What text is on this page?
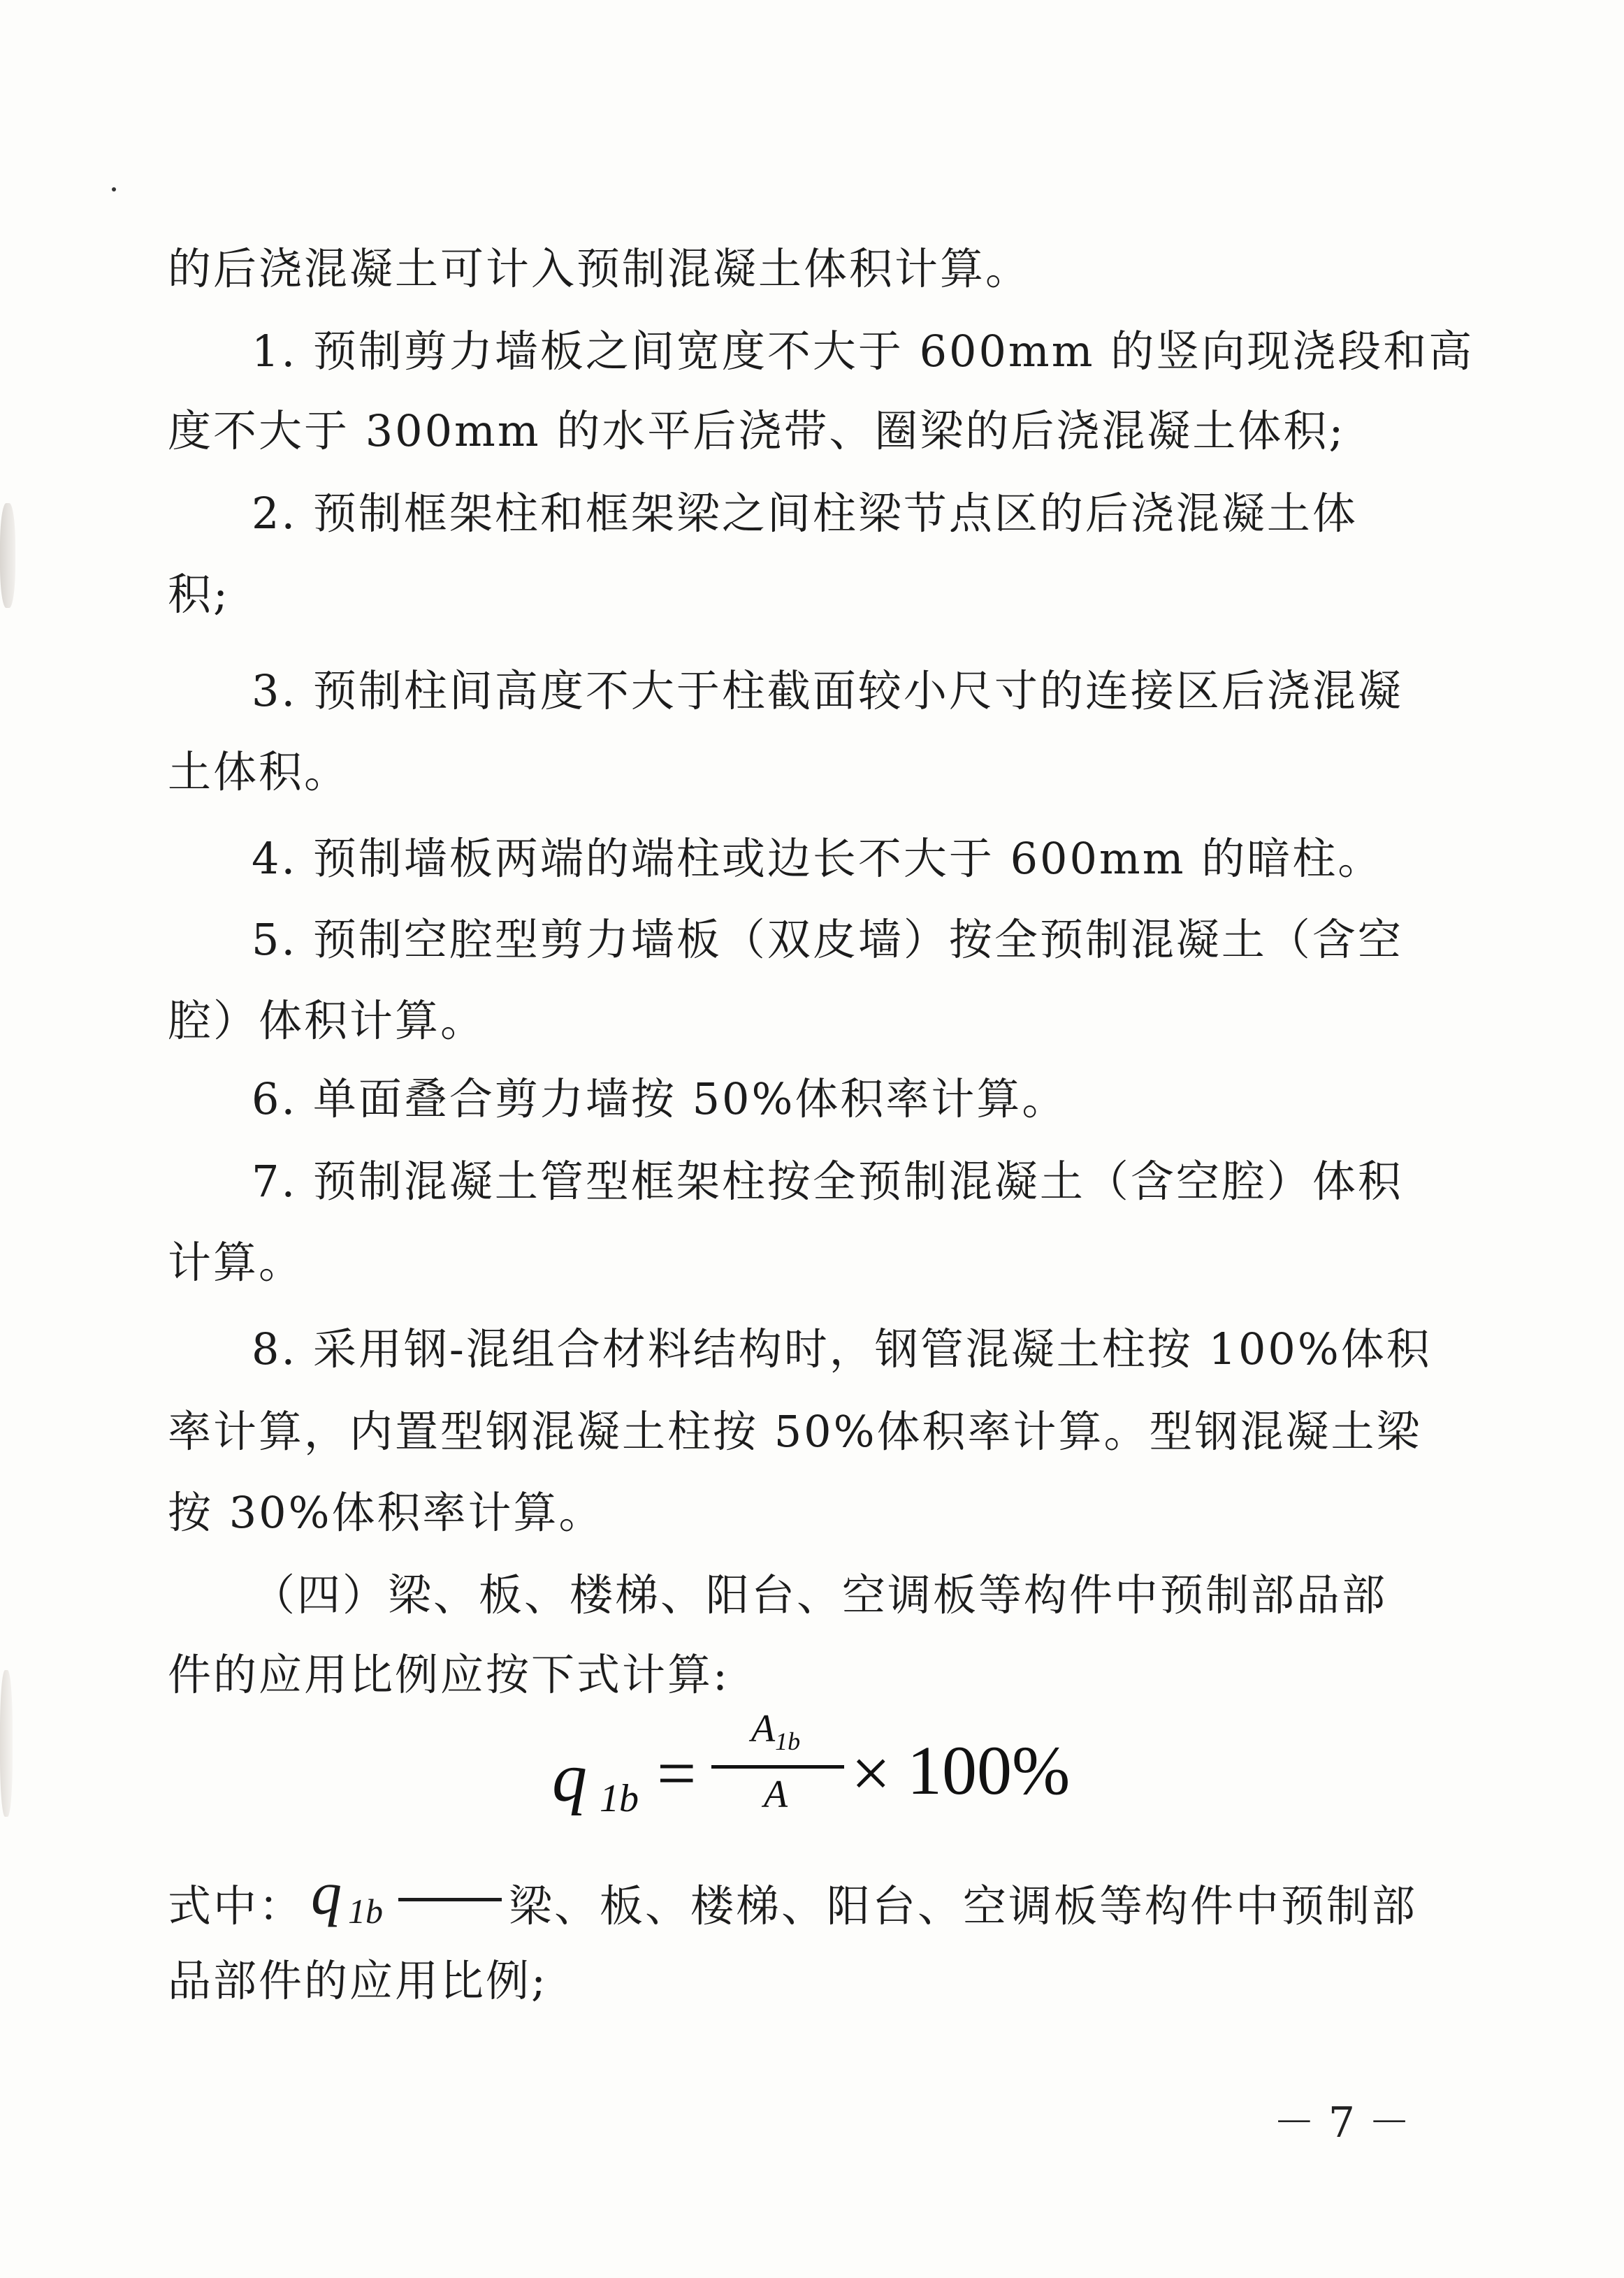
的后浇混凝土可计入预制混凝土体积计算。
1. 预制剪力墙板之间宽度不大于 600mm 的竖向现浇段和高
度不大于 300mm 的水平后浇带、圈梁的后浇混凝土体积;
2. 预制框架柱和框架梁之间柱梁节点区的后浇混凝土体
积;
3. 预制柱间高度不大于柱截面较小尺寸的连接区后浇混凝
土体积。
4. 预制墙板两端的端柱或边长不大于 600mm 的暗柱。
5. 预制空腔型剪力墙板（双皮墙）按全预制混凝土（含空
腔）体积计算。
6. 单面叠合剪力墙按 50%体积率计算。
7. 预制混凝土管型框架柱按全预制混凝土（含空腔）体积
计算。
8. 采用钢-混组合材料结构时，钢管混凝土柱按 100%体积
率计算，内置型钢混凝土柱按 50%体积率计算。型钢混凝土梁
按 30%体积率计算。
（四）梁、板、楼梯、阳台、空调板等构件中预制部品部
件的应用比例应按下式计算:
q 1b =
$A_{1b}$
A × 100%
式中： q 1b	梁、板、楼梯、阳台、空调板等构件中预制部
品部件的应用比例;
－ 7 －
